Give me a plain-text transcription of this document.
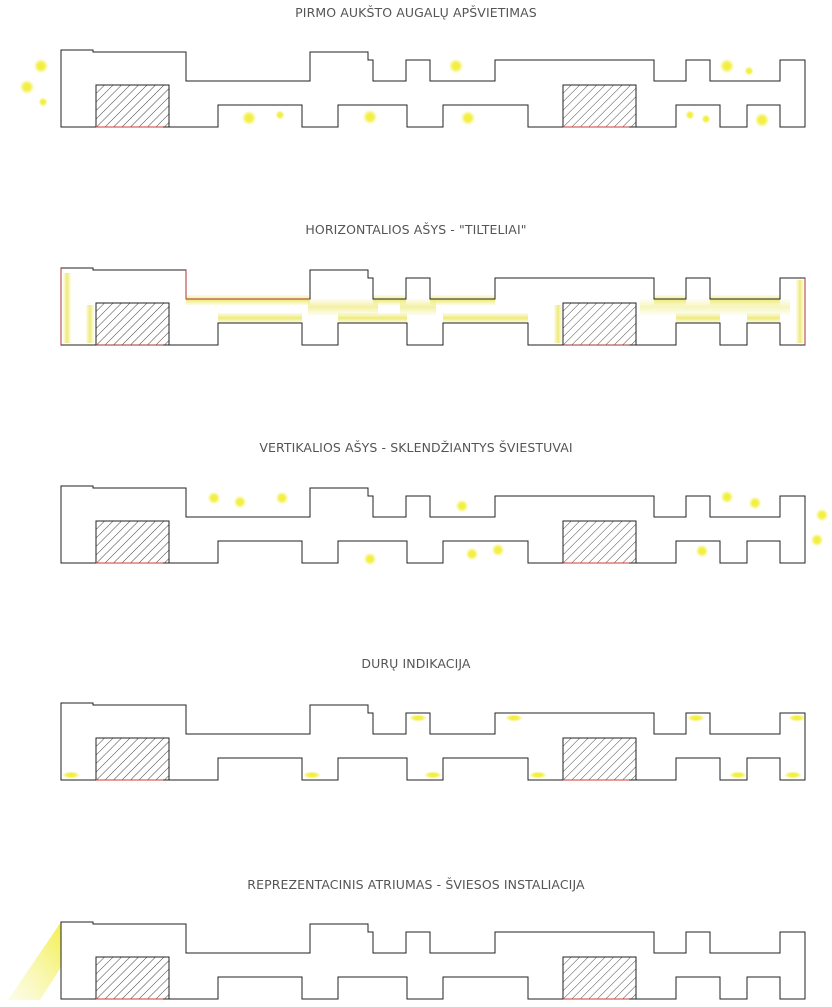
PIRMO AUKŠTO AUGALŲ APŠVIETIMAS
HORIZONTALIOS AŠYS - "TILTELIAI"
VERTIKALIOS AŠYS - SKLENDŽIANTYS ŠVIESTUVAI
DURŲ INDIKACIJA
REPREZENTACINIS ATRIUMAS - ŠVIESOS INSTALIACIJA
